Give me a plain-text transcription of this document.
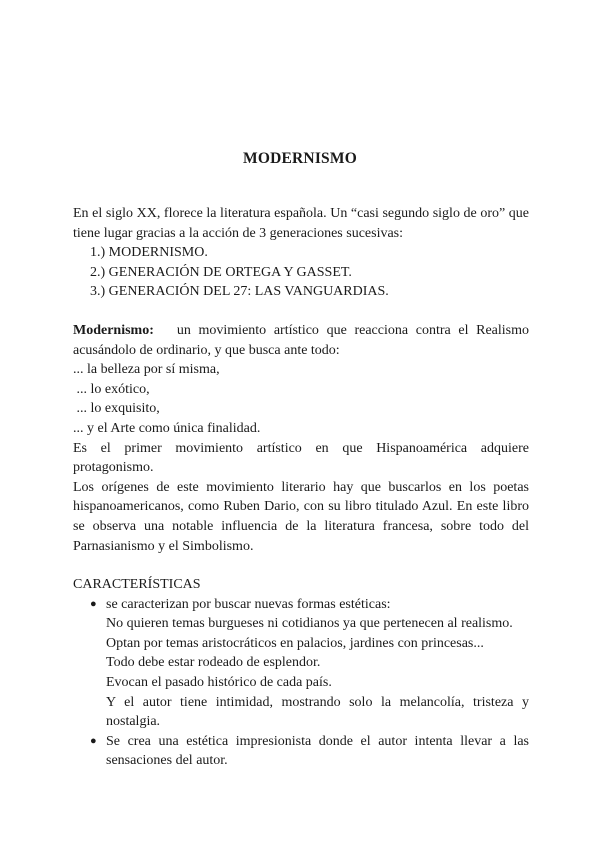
MODERNISMO

En el siglo XX, florece la literatura española. Un “casi segundo siglo de oro” que tiene lugar gracias a la acción de 3 generaciones sucesivas:

1.) MODERNISMO.
2.) GENERACIÓN DE ORTEGA Y GASSET.
3.) GENERACIÓN DEL 27: LAS VANGUARDIAS.

Modernismo: un movimiento artístico que reacciona contra el Realismo acusándolo de ordinario, y que busca ante todo:

... la belleza por sí misma,
... lo exótico,
... lo exquisito,
... y el Arte como única finalidad.

Es el primer movimiento artístico en que Hispanoamérica adquiere protagonismo.

Los orígenes de este movimiento literario hay que buscarlos en los poetas hispanoamericanos, como Ruben Dario, con su libro titulado Azul. En este libro se observa una notable influencia de la literatura francesa, sobre todo del Parnasianismo y el Simbolismo.

CARACTERÍSTICAS
● se caracterizan por buscar nuevas formas estéticas:
No quieren temas burgueses ni cotidianos ya que pertenecen al realismo.
Optan por temas aristocráticos en palacios, jardines con princesas...
Todo debe estar rodeado de esplendor.
Evocan el pasado histórico de cada país.
Y el autor tiene intimidad, mostrando solo la melancolía, tristeza y nostalgia.
● Se crea una estética impresionista donde el autor intenta llevar a las sensaciones del autor.
